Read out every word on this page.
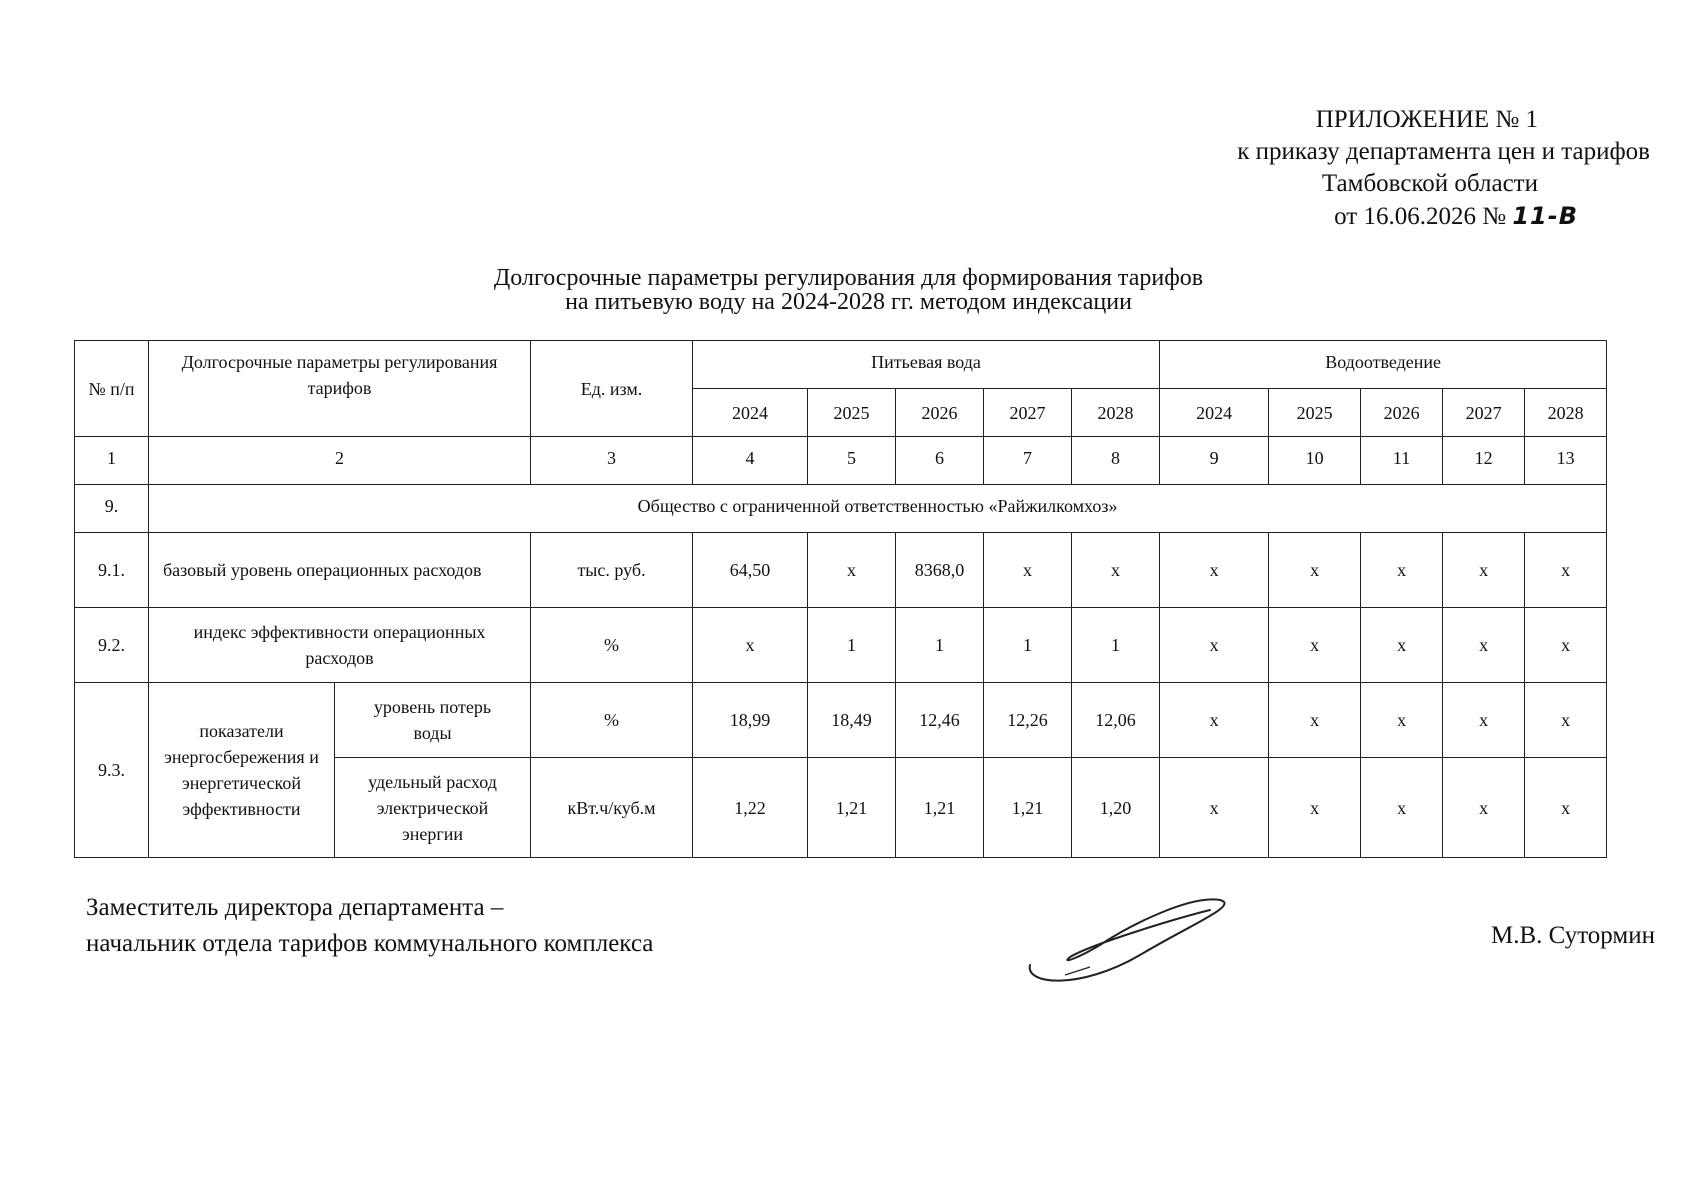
ПРИЛОЖЕНИЕ № 1
к приказу департамента цен и тарифов
Тамбовской области
от 16.06.2026 № 11-В
Долгосрочные параметры регулирования для формирования тарифов
на питьевую воду на 2024-2028 гг. методом индексации
№ п/п	Долгосрочные параметры регулирования тарифов		Ед. изм.	Питьевая вода					Водоотведение				
				2024	2025	2026	2027	2028	2024	2025	2026	2027	2028
1	2		3	4	5	6	7	8	9	10	11	12	13
9.	Общество с ограниченной ответственностью «Райжилкомхоз»												
9.1.	базовый уровень операционных расходов		тыс. руб.	64,50	x	8368,0	x	x	x	x	x	x	x
9.2.	индекс эффективности операционных расходов		%	x	1	1	1	1	x	x	x	x	x
9.3.	показатели энергосбережения и энергетической эффективности	уровень потерь воды	%	18,99	18,49	12,46	12,26	12,06	x	x	x	x	x
		удельный расход электрической энергии	кВт.ч/куб.м	1,22	1,21	1,21	1,21	1,20	x	x	x	x	x
Заместитель директора департамента –
начальник отдела тарифов коммунального комплекса	М.В. Сутормин
